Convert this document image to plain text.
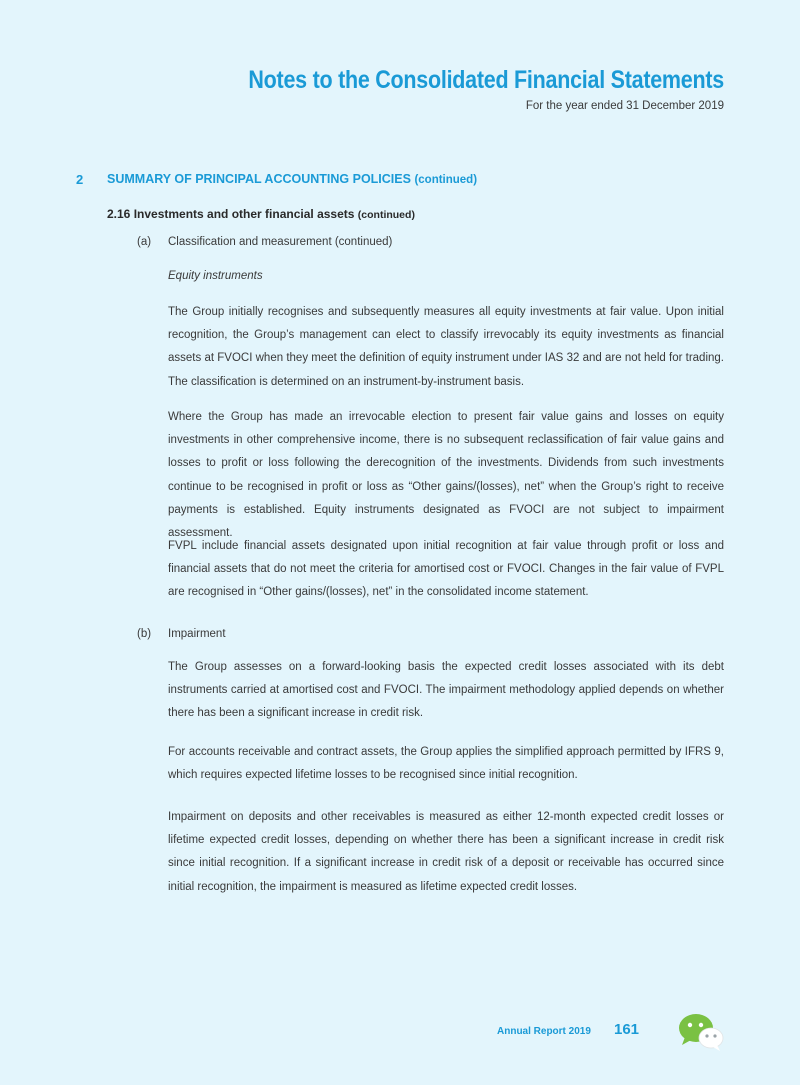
Notes to the Consolidated Financial Statements
For the year ended 31 December 2019
2 SUMMARY OF PRINCIPAL ACCOUNTING POLICIES (continued)
2.16 Investments and other financial assets (continued)
(a) Classification and measurement (continued)
Equity instruments

The Group initially recognises and subsequently measures all equity investments at fair value. Upon initial recognition, the Group’s management can elect to classify irrevocably its equity investments as financial assets at FVOCI when they meet the definition of equity instrument under IAS 32 and are not held for trading. The classification is determined on an instrument-by-instrument basis.

Where the Group has made an irrevocable election to present fair value gains and losses on equity investments in other comprehensive income, there is no subsequent reclassification of fair value gains and losses to profit or loss following the derecognition of the investments. Dividends from such investments continue to be recognised in profit or loss as “Other gains/(losses), net” when the Group’s right to receive payments is established. Equity instruments designated as FVOCI are not subject to impairment assessment.

FVPL include financial assets designated upon initial recognition at fair value through profit or loss and financial assets that do not meet the criteria for amortised cost or FVOCI. Changes in the fair value of FVPL are recognised in “Other gains/(losses), net” in the consolidated income statement.

(b) Impairment

The Group assesses on a forward-looking basis the expected credit losses associated with its debt instruments carried at amortised cost and FVOCI. The impairment methodology applied depends on whether there has been a significant increase in credit risk.

For accounts receivable and contract assets, the Group applies the simplified approach permitted by IFRS 9, which requires expected lifetime losses to be recognised since initial recognition.

Impairment on deposits and other receivables is measured as either 12-month expected credit losses or lifetime expected credit losses, depending on whether there has been a significant increase in credit risk since initial recognition. If a significant increase in credit risk of a deposit or receivable has occurred since initial recognition, the impairment is measured as lifetime expected credit losses.

Annual Report 2019 161
